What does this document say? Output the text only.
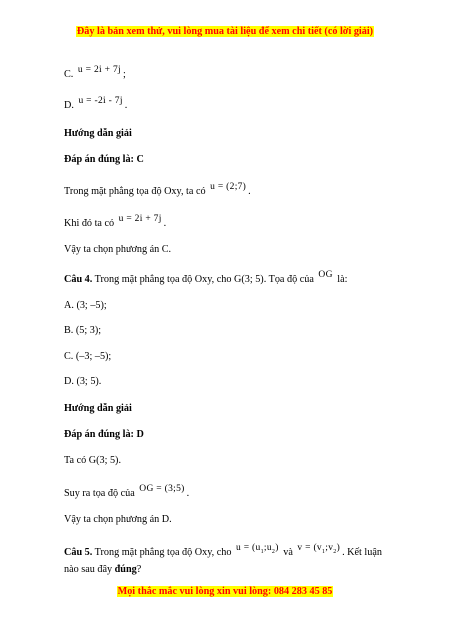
Đây là bản xem thử, vui lòng mua tài liệu để xem chi tiết (có lời giải)
C. u = 2i + 7j ;
D. u = -2i - 7j .
Hướng dẫn giải
Đáp án đúng là: C
Trong mặt phẳng tọa độ Oxy, ta có u = (2;7) .
Khi đó ta có u = 2i + 7j .
Vậy ta chọn phương án C.
Câu 4. Trong mặt phẳng tọa độ Oxy, cho G(3; 5). Tọa độ của OG là:
A. (3; –5);
B. (5; 3);
C. (–3; –5);
D. (3; 5).
Hướng dẫn giải
Đáp án đúng là: D
Ta có G(3; 5).
Suy ra tọa độ của OG = (3;5) .
Vậy ta chọn phương án D.
Câu 5. Trong mặt phẳng tọa độ Oxy, cho $u = (u_1;u_2)$ và $v = (v_1;v_2)$ . Kết luận
nào sau đây đúng?
Mọi thắc mắc vui lòng xin vui lòng: 084 283 45 85
